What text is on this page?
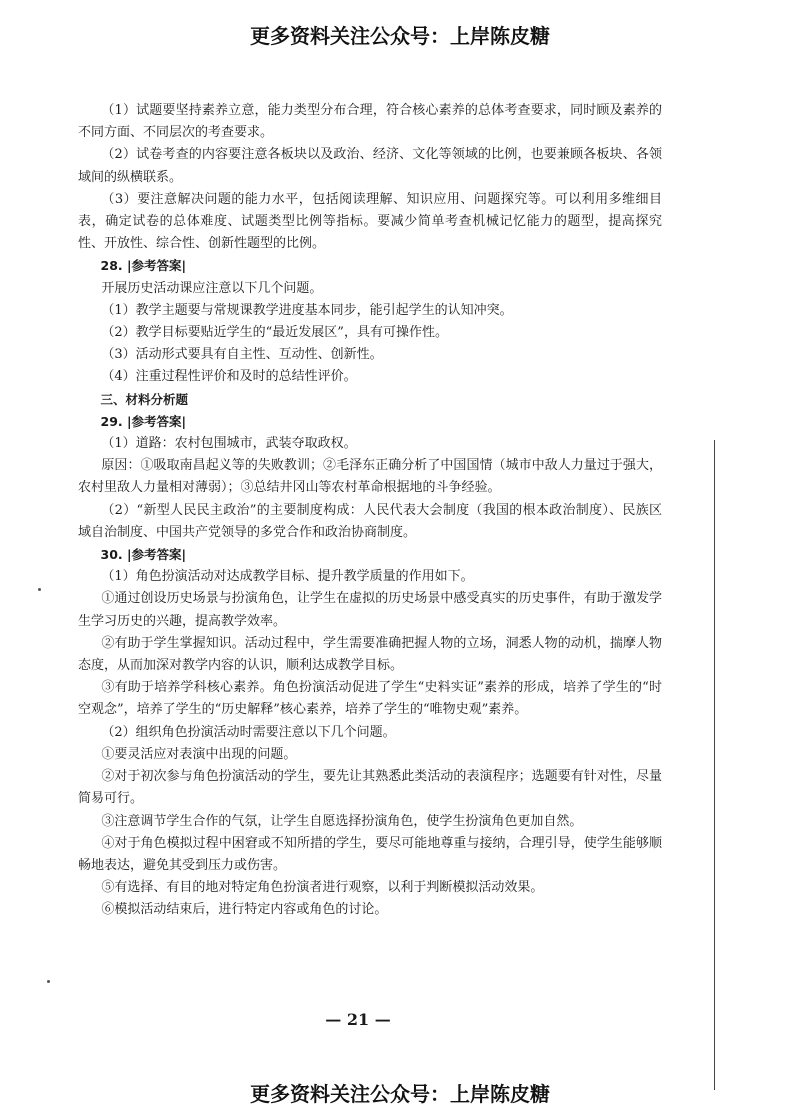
更多资料关注公众号：上岸陈皮糖

（1）试题要坚持素养立意，能力类型分布合理，符合核心素养的总体考查要求，同时顾及素养的不同方面、不同层次的考查要求。

（2）试卷考查的内容要注意各板块以及政治、经济、文化等领域的比例，也要兼顾各板块、各领域间的纵横联系。

（3）要注意解决问题的能力水平，包括阅读理解、知识应用、问题探究等。可以利用多维细目表，确定试卷的总体难度、试题类型比例等指标。要减少简单考查机械记忆能力的题型，提高探究性、开放性、综合性、创新性题型的比例。

28. |参考答案|

开展历史活动课应注意以下几个问题。

（1）教学主题要与常规课教学进度基本同步，能引起学生的认知冲突。

（2）教学目标要贴近学生的“最近发展区”，具有可操作性。

（3）活动形式要具有自主性、互动性、创新性。

（4）注重过程性评价和及时的总结性评价。

三、材料分析题

29. |参考答案|

（1）道路：农村包围城市，武装夺取政权。

原因：①吸取南昌起义等的失败教训；②毛泽东正确分析了中国国情（城市中敌人力量过于强大，农村里敌人力量相对薄弱）；③总结井冈山等农村革命根据地的斗争经验。

（2）“新型人民民主政治”的主要制度构成：人民代表大会制度（我国的根本政治制度）、民族区域自治制度、中国共产党领导的多党合作和政治协商制度。

30. |参考答案|

（1）角色扮演活动对达成教学目标、提升教学质量的作用如下。

①通过创设历史场景与扮演角色，让学生在虚拟的历史场景中感受真实的历史事件，有助于激发学生学习历史的兴趣，提高教学效率。

②有助于学生掌握知识。活动过程中，学生需要准确把握人物的立场，洞悉人物的动机，揣摩人物态度，从而加深对教学内容的认识，顺利达成教学目标。

③有助于培养学科核心素养。角色扮演活动促进了学生“史料实证”素养的形成，培养了学生的“时空观念”，培养了学生的“历史解释”核心素养，培养了学生的“唯物史观”素养。

（2）组织角色扮演活动时需要注意以下几个问题。

①要灵活应对表演中出现的问题。

②对于初次参与角色扮演活动的学生，要先让其熟悉此类活动的表演程序；选题要有针对性，尽量简易可行。

③注意调节学生合作的气氛，让学生自愿选择扮演角色，使学生扮演角色更加自然。

④对于角色模拟过程中困窘或不知所措的学生，要尽可能地尊重与接纳，合理引导，使学生能够顺畅地表达，避免其受到压力或伤害。

⑤有选择、有目的地对特定角色扮演者进行观察，以利于判断模拟活动效果。

⑥模拟活动结束后，进行特定内容或角色的讨论。

— 21 —
更多资料关注公众号：上岸陈皮糖
